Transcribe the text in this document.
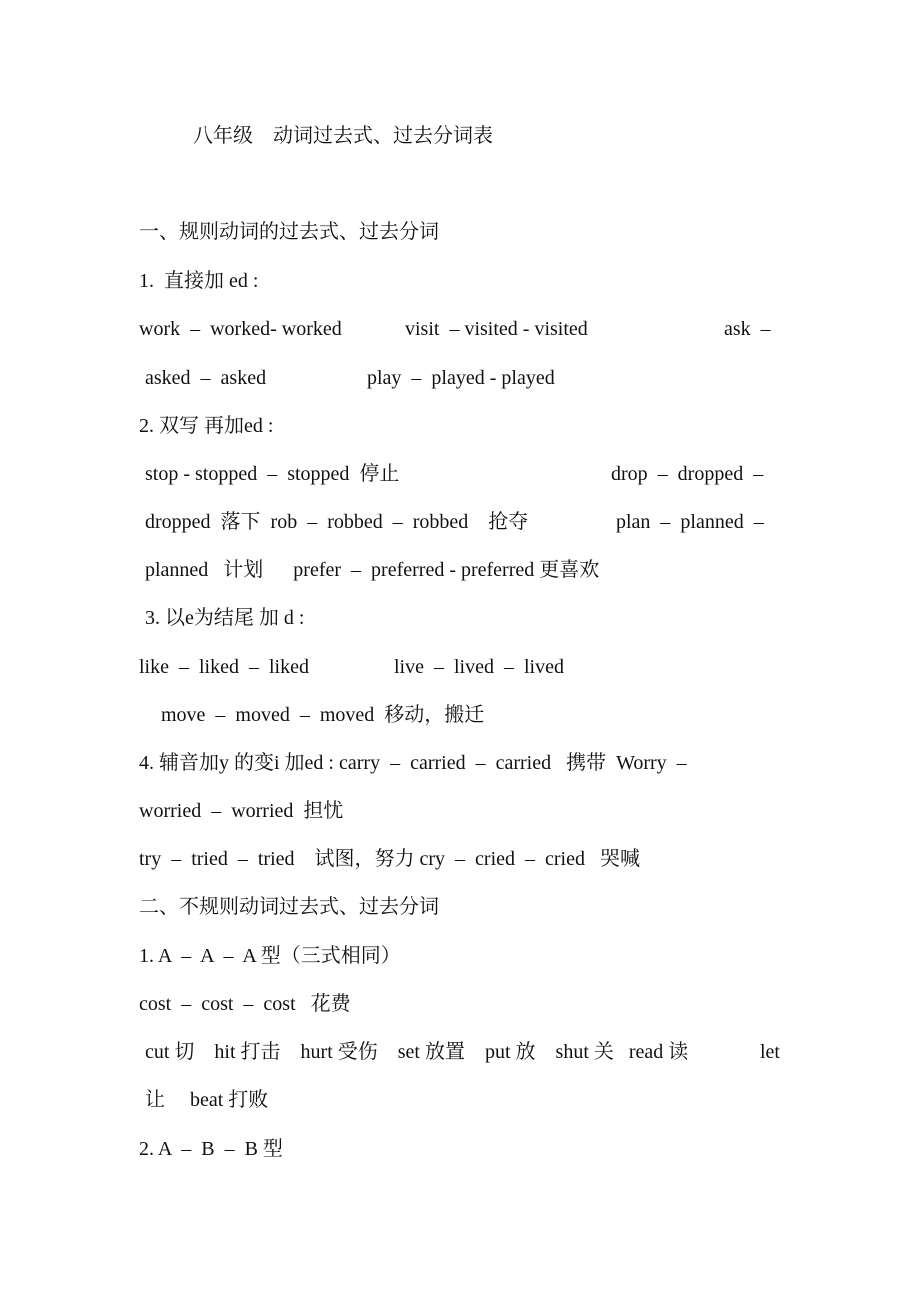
八年级　动词过去式、过去分词表
一、规则动词的过去式、过去分词
1.  直接加 ed :
work  –  worked- worked	visit  – visited - visited	ask  –
asked  –  asked	play  –  played - played
2. 双写 再加ed :
stop - stopped  –  stopped  停止	drop  –  dropped  –
dropped  落下  rob  –  robbed  –  robbed    抢夺	plan  –  planned  –
planned   计划      prefer  –  preferred - preferred 更喜欢
3. 以e为结尾 加 d :
like  –  liked  –  liked	live  –  lived  –  lived
move  –  moved  –  moved  移动，搬迁
4. 辅音加y 的变i 加ed : carry  –  carried  –  carried   携带  Worry  –
worried  –  worried  担忧
try  –  tried  –  tried    试图，努力 cry  –  cried  –  cried   哭喊
二、不规则动词过去式、过去分词
1. A  –  A  –  A 型（三式相同）
cost  –  cost  –  cost   花费
cut 切    hit 打击    hurt 受伤    set 放置    put 放    shut 关   read 读	let
让     beat 打败
2. A  –  B  –  B 型
